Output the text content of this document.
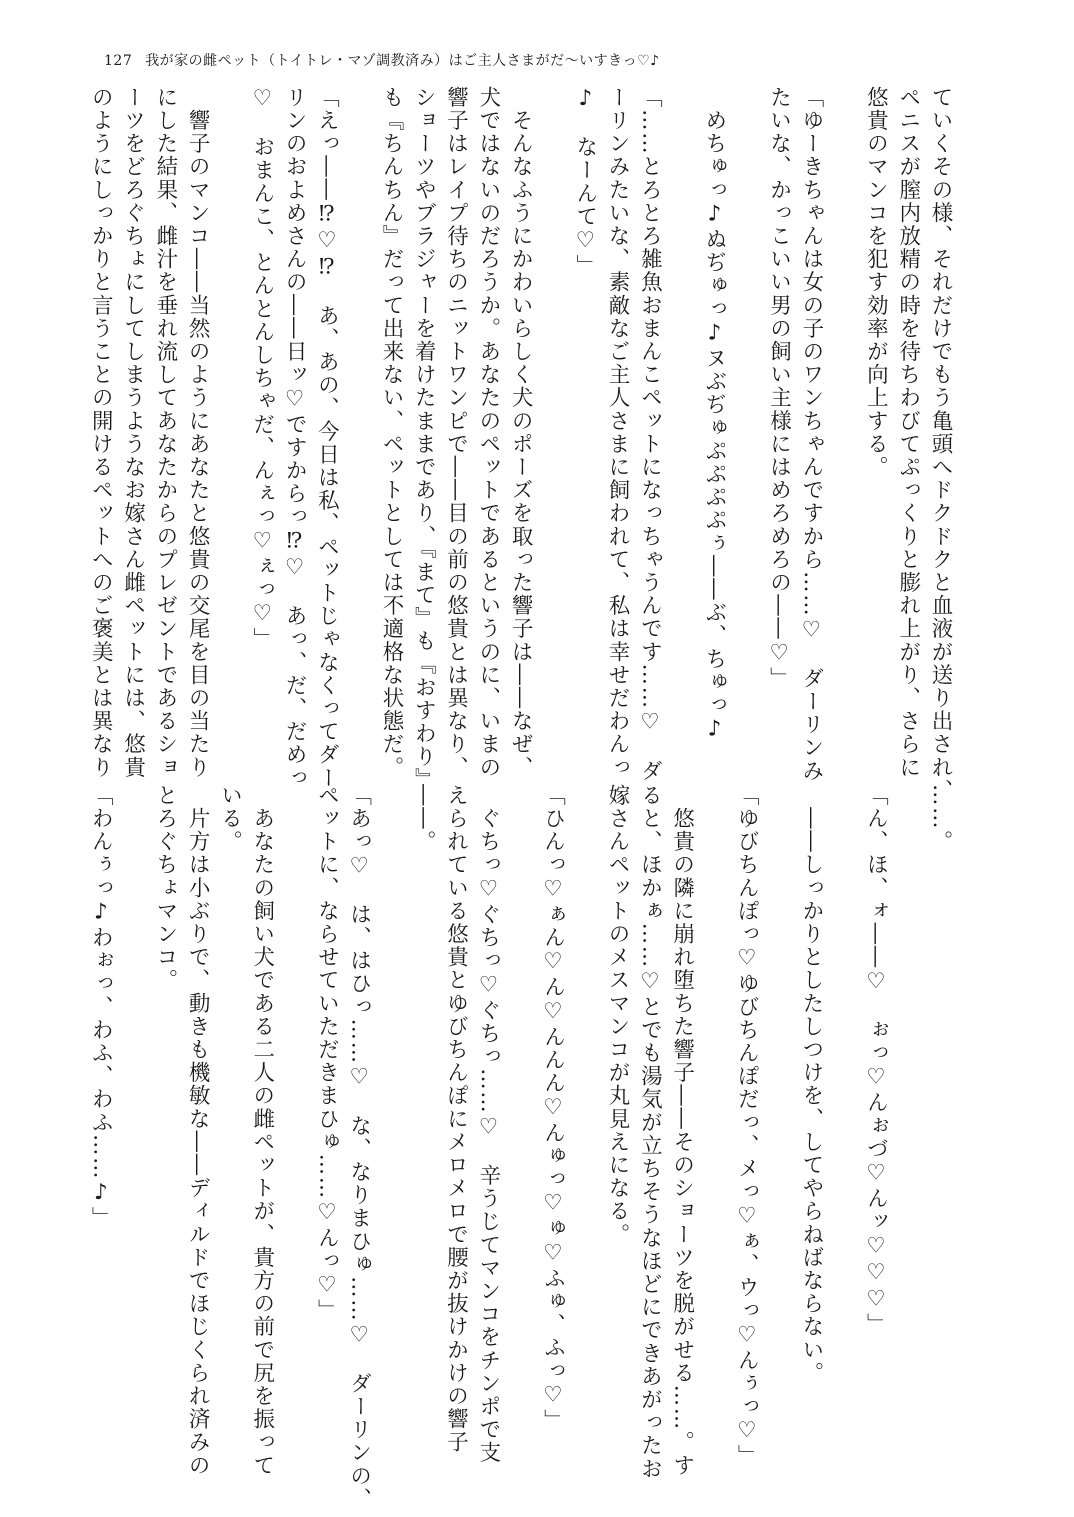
127 我が家の雌ペット（トイトレ・マゾ調教済み）はご主人さまがだ～いすきっ♡♪
ていくその様、それだけでもう亀頭へドクドクと血液が送り出され、
ペニスが膣内放精の時を待ちわびてぷっくりと膨れ上がり、さらに
悠貴のマンコを犯す効率が向上する。
「ゆーきちゃんは女の子のワンちゃんですから……♡　ダーリンみ
たいな、かっこいい男の飼い主様にはめろめろの――♡」
　めちゅっ♪ぬぢゅっ♪ヌぶぢゅぷぷぷぷぅ――ぶ、ちゅっ♪
「……とろとろ雑魚おまんこペットになっちゃうんです……♡　ダ
ーリンみたいな、素敵なご主人さまに飼われて、私は幸せだわんっ
♪　なーんて♡」
　そんなふうにかわいらしく犬のポーズを取った響子は――なぜ、
犬ではないのだろうか。あなたのペットであるというのに、いまの
響子はレイプ待ちのニットワンピで――目の前の悠貴とは異なり、
ショーツやブラジャーを着けたままであり、『まて』も『おすわり』
も『ちんちん』だって出来ない、ペットとしては不適格な状態だ。
「えっ――⁉♡⁉　あ、あの、今日は私、ペットじゃなくってダー
リンのおよめさんの――日ッ♡ですからっ⁉♡　あっ、だ、だめっ
♡　おまんこ、とんとんしちゃだ、んぇっ♡ぇっ♡」
　響子のマンコ――当然のようにあなたと悠貴の交尾を目の当たり
にした結果、雌汁を垂れ流してあなたからのプレゼントであるショ
ーツをどろぐちょにしてしまうようなお嫁さん雌ペットには、悠貴
のようにしっかりと言うことの開けるペットへのご褒美とは異なり
……。
「ん、ほ、ォ――♡　ぉっ♡んぉづ♡んッ♡♡♡」
　――しっかりとしたしつけを、してやらねばならない。
「ゆびちんぽっ♡ゆびちんぽだっ、メっ♡ぁ、ウっ♡んぅっ♡」
　悠貴の隣に崩れ堕ちた響子――そのショーツを脱がせる……。す
ると、ほかぁ……♡とでも湯気が立ちそうなほどにできあがったお
嫁さんペットのメスマンコが丸見えになる。
「ひんっ♡ぁん♡ん♡んんん♡んゅっ♡ゅ♡ふゅ、ふっ♡」
　ぐちっ♡ぐちっ♡ぐちっ……♡　辛うじてマンコをチンポで支
えられている悠貴とゆびちんぽにメロメロで腰が抜けかけの響子
――。
「あっ♡　は、はひっ……♡　な、なりまひゅ……♡　ダーリンの、
ペットに、ならせていただきまひゅ……♡んっ♡」
　あなたの飼い犬である二人の雌ペットが、貴方の前で尻を振って
いる。
　片方は小ぶりで、動きも機敏な――ディルドでほじくられ済みの
とろぐちょマンコ。
「わんぅっ♪わぉっ、わふ、わふ……♪」
